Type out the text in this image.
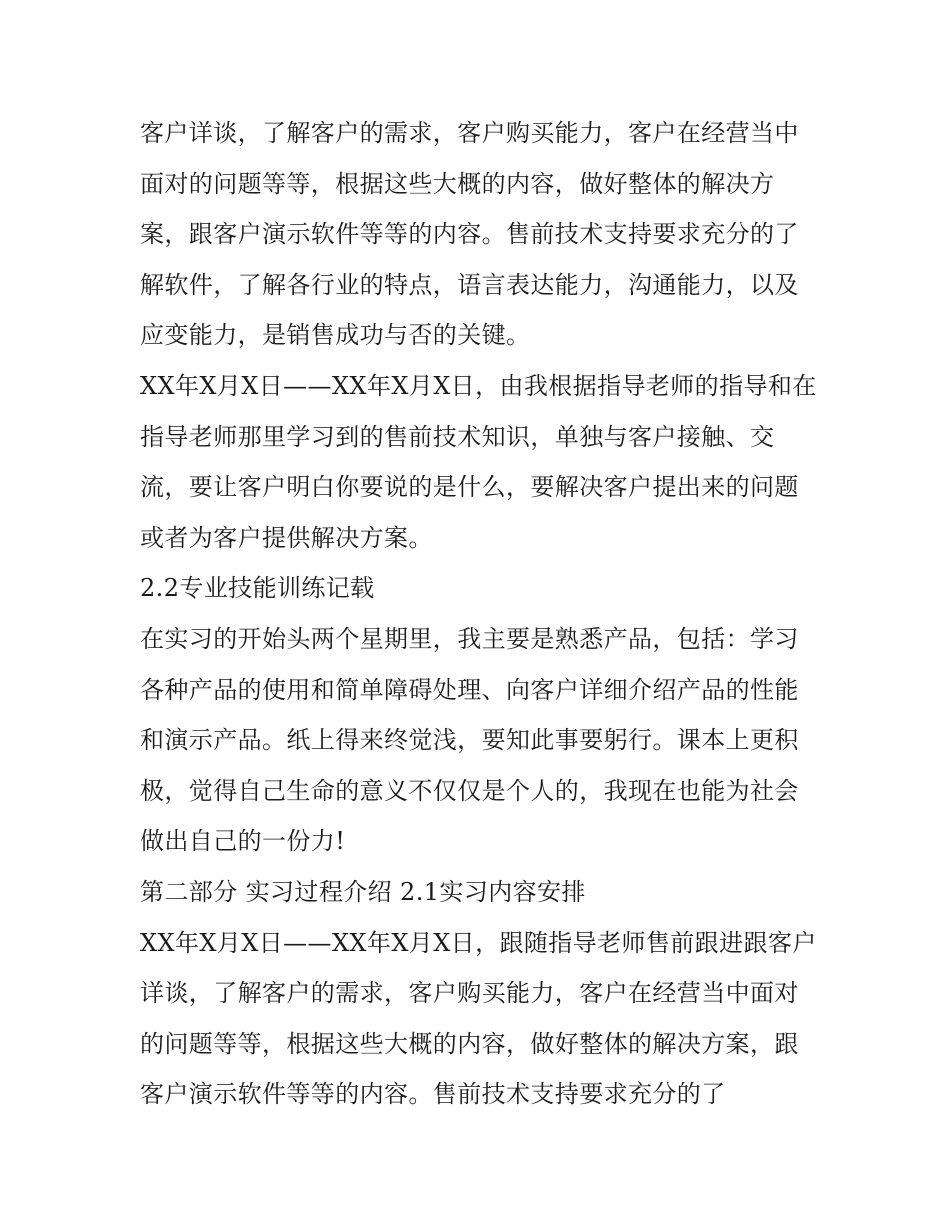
客户详谈，了解客户的需求，客户购买能力，客户在经营当中面对的问题等等，根据这些大概的内容，做好整体的解决方案，跟客户演示软件等等的内容。售前技术支持要求充分的了解软件，了解各行业的特点，语言表达能力，沟通能力，以及应变能力，是销售成功与否的关键。

XX年X月X日——XX年X月X日，由我根据指导老师的指导和在指导老师那里学习到的售前技术知识，单独与客户接触、交流，要让客户明白你要说的是什么，要解决客户提出来的问题或者为客户提供解决方案。

2.2专业技能训练记载

在实习的开始头两个星期里，我主要是熟悉产品，包括：学习各种产品的使用和简单障碍处理、向客户详细介绍产品的性能和演示产品。纸上得来终觉浅，要知此事要躬行。课本上更积极，觉得自己生命的意义不仅仅是个人的，我现在也能为社会做出自己的一份力!

第二部分 实习过程介绍 2.1实习内容安排

XX年X月X日——XX年X月X日，跟随指导老师售前跟进跟客户详谈，了解客户的需求，客户购买能力，客户在经营当中面对的问题等等，根据这些大概的内容，做好整体的解决方案，跟客户演示软件等等的内容。售前技术支持要求充分的了
